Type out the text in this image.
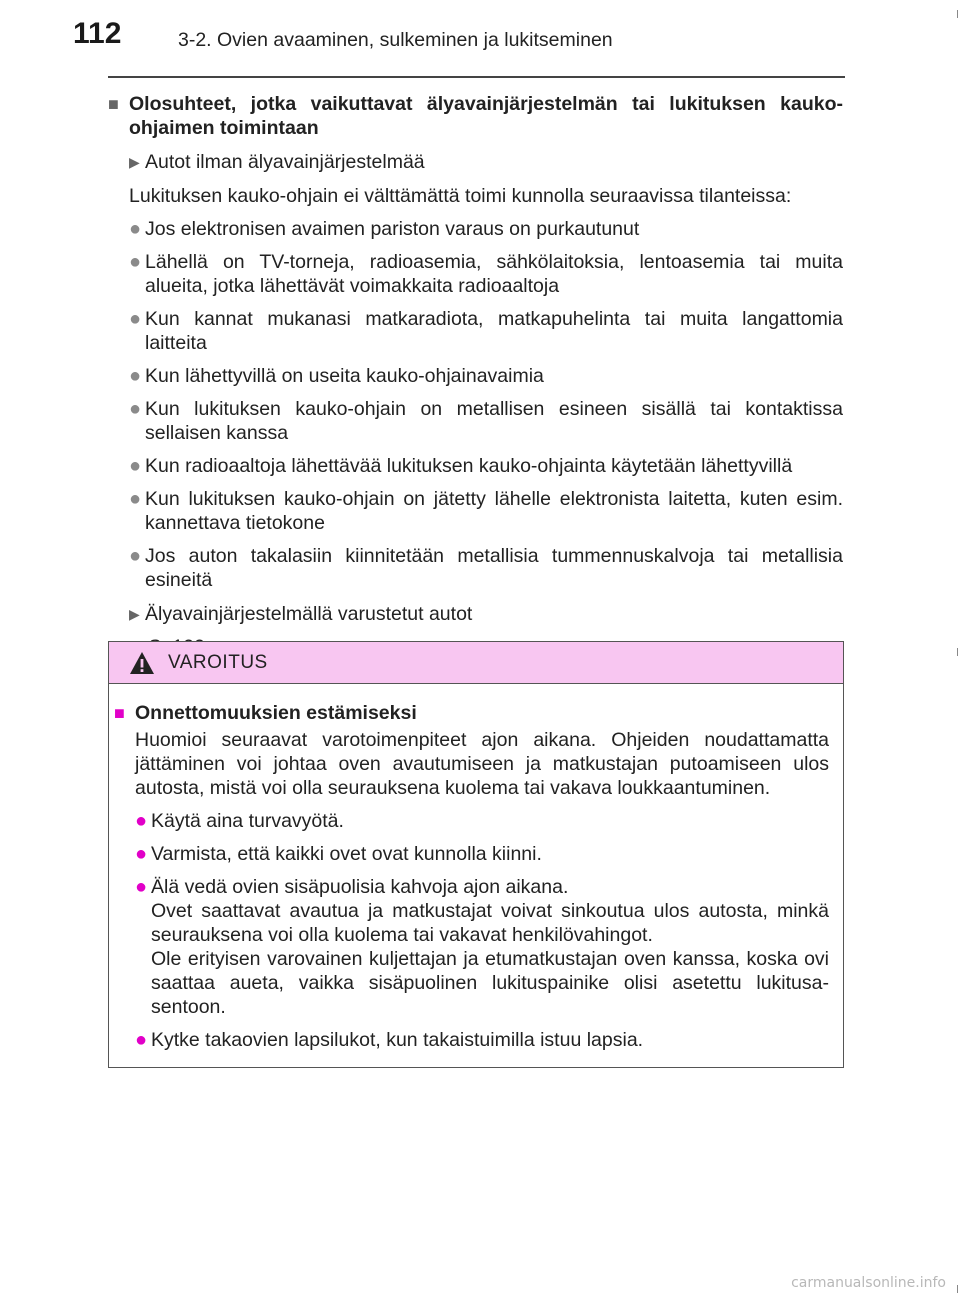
112	3-2. Ovien avaaminen, sulkeminen ja lukitseminen
■ Olosuhteet, jotka vaikuttavat älyavainjärjestelmän tai lukituksen kauko-ohjaimen toimintaan
▶ Autot ilman älyavainjärjestelmää
Lukituksen kauko-ohjain ei välttämättä toimi kunnolla seuraavissa tilanteissa:
● Jos elektronisen avaimen pariston varaus on purkautunut
● Lähellä on TV-torneja, radioasemia, sähkölaitoksia, lentoasemia tai muita alueita, jotka lähettävät voimakkaita radioaaltoja
● Kun kannat mukanasi matkaradiota, matkapuhelinta tai muita langattomia laitteita
● Kun lähettyvillä on useita kauko-ohjainavaimia
● Kun lukituksen kauko-ohjain on metallisen esineen sisällä tai kontaktissa sellaisen kanssa
● Kun radioaaltoja lähettävää lukituksen kauko-ohjainta käytetään lähettyvillä
● Kun lukituksen kauko-ohjain on jätetty lähelle elektronista laitetta, kuten esim. kannettava tietokone
● Jos auton takalasiin kiinnitetään metallisia tummennuskalvoja tai metallisia esineitä
▶ Älyavainjärjestelmällä varustetut autot
VAROITUS
■ Onnettomuuksien estämiseksi
Huomioi seuraavat varotoimenpiteet ajon aikana. Ohjeiden noudattamatta jättäminen voi johtaa oven avautumiseen ja matkustajan putoamiseen ulos autosta, mistä voi olla seurauksena kuolema tai vakava loukkaantuminen.
● Käytä aina turvavyötä.
● Varmista, että kaikki ovet ovat kunnolla kiinni.
● Älä vedä ovien sisäpuolisia kahvoja ajon aikana.
Ovet saattavat avautua ja matkustajat voivat sinkoutua ulos autosta, minkä seurauksena voi olla kuolema tai vakavat henkilövahingot.
Ole erityisen varovainen kuljettajan ja etumatkustajan oven kanssa, koska ovi saattaa aueta, vaikka sisäpuolinen lukituspainike olisi asetettu lukitusa-sentoon.
● Kytke takaovien lapsilukot, kun takaistuimilla istuu lapsia.
carmanualsonline.info
